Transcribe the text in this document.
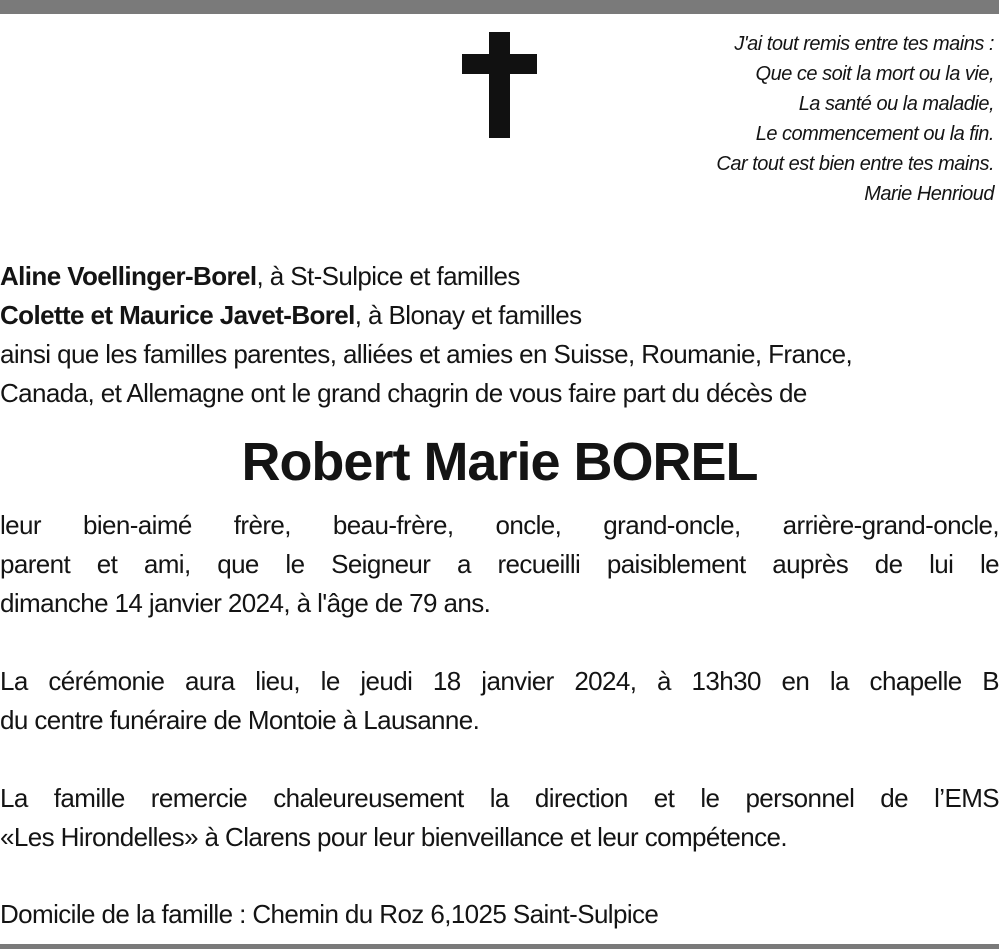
J'ai tout remis entre tes mains :
Que ce soit la mort ou la vie,
La santé ou la maladie,
Le commencement ou la fin.
Car tout est bien entre tes mains.
Marie Henrioud
Aline Voellinger-Borel, à St-Sulpice et familles
Colette et Maurice Javet-Borel, à Blonay et familles
ainsi que les familles parentes, alliées et amies en Suisse, Roumanie, France,
Canada, et Allemagne ont le grand chagrin de vous faire part du décès de
Robert Marie BOREL
leur bien-aimé frère, beau-frère, oncle, grand-oncle, arrière-grand-oncle,
parent et ami, que le Seigneur a recueilli paisiblement auprès de lui le
dimanche 14 janvier 2024, à l'âge de 79 ans.
La cérémonie aura lieu, le jeudi 18 janvier 2024, à 13h30 en la chapelle B
du centre funéraire de Montoie à Lausanne.
La famille remercie chaleureusement la direction et le personnel de l’EMS
«Les Hirondelles» à Clarens pour leur bienveillance et leur compétence.
Domicile de la famille : Chemin du Roz 6,1025 Saint-Sulpice
